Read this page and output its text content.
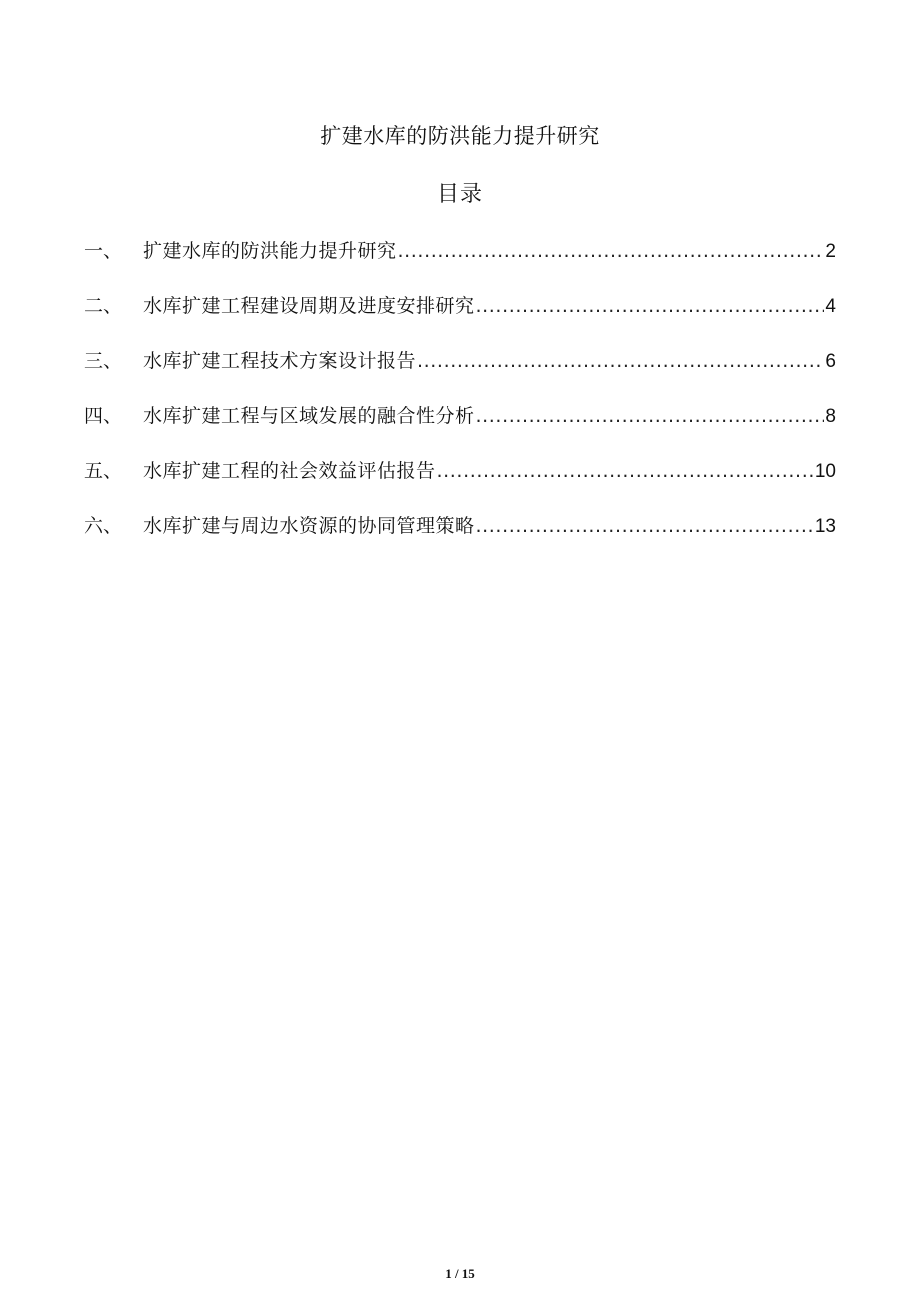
扩建水库的防洪能力提升研究
目录
一、	扩建水库的防洪能力提升研究 .....	2
二、	水库扩建工程建设周期及进度安排研究 .....	4
三、	水库扩建工程技术方案设计报告 .....	6
四、	水库扩建工程与区域发展的融合性分析 .....	8
五、	水库扩建工程的社会效益评估报告 .....	10
六、	水库扩建与周边水资源的协同管理策略 .....	13
1 / 15
